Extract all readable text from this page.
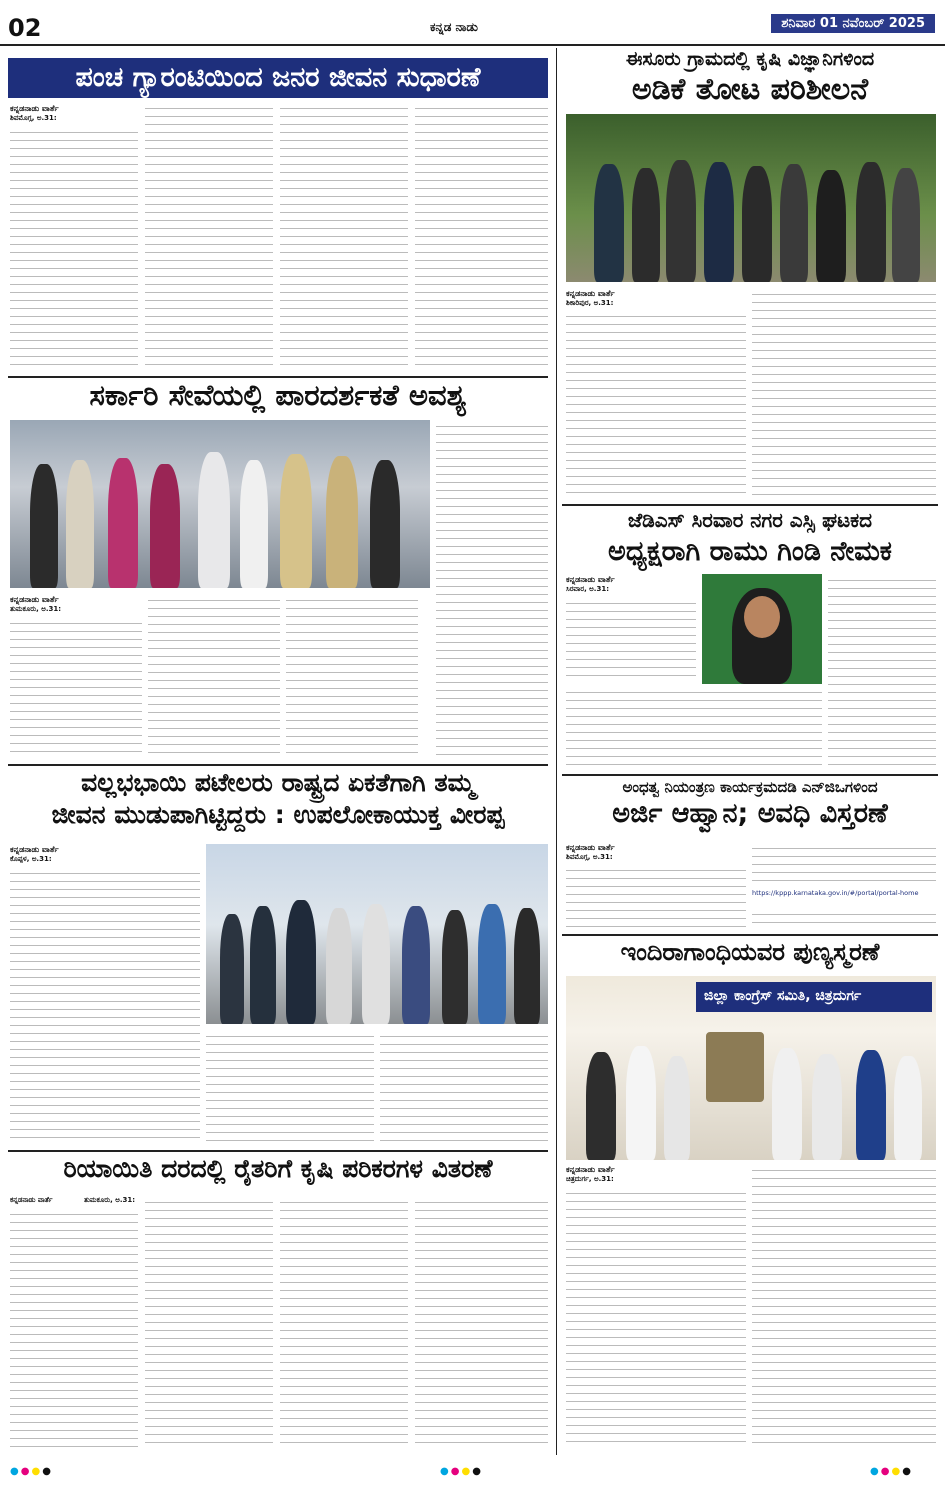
02	ಕನ್ನಡ ನಾಡು	ಶನಿವಾರ 01 ನವೆಂಬರ್ 2025
ಪಂಚ ಗ್ಯಾರಂಟಿಯಿಂದ ಜನರ ಜೀವನ ಸುಧಾರಣೆ
ಕನ್ನಡನಾಡು ವಾರ್ತೆ
ಶಿವಮೊಗ್ಗ, ಅ.31:
ಈಸೂರು ಗ್ರಾಮದಲ್ಲಿ ಕೃಷಿ ವಿಜ್ಞಾನಿಗಳಿಂದ
ಅಡಿಕೆ ತೋಟ ಪರಿಶೀಲನೆ
ಕನ್ನಡನಾಡು ವಾರ್ತೆ
ಶಿಕಾರಿಪುರ, ಅ.31:
ಸರ್ಕಾರಿ ಸೇವೆಯಲ್ಲಿ ಪಾರದರ್ಶಕತೆ ಅವಶ್ಯ
ಕನ್ನಡನಾಡು ವಾರ್ತೆ
ತುಮಕೂರು, ಅ.31:
ಜೆಡಿಎಸ್ ಸಿರವಾರ ನಗರ ಎಸ್ಸಿ ಘಟಕದ
ಅಧ್ಯಕ್ಷರಾಗಿ ರಾಮು ಗಿಂಡಿ ನೇಮಕ
ಕನ್ನಡನಾಡು ವಾರ್ತೆ
ಸಿರವಾರ, ಅ.31:
ವಲ್ಲಭಭಾಯಿ ಪಟೇಲರು ರಾಷ್ಟ್ರದ ಏಕತೆಗಾಗಿ ತಮ್ಮ
ಜೀವನ ಮುಡುಪಾಗಿಟ್ಟಿದ್ದರು : ಉಪಲೋಕಾಯುಕ್ತ ವೀರಪ್ಪ
ಕನ್ನಡನಾಡು ವಾರ್ತೆ
ಕೊಪ್ಪಳ, ಅ.31:
ಅಂಧತ್ವ ನಿಯಂತ್ರಣ ಕಾರ್ಯಕ್ರಮದಡಿ ಎನ್‌ಜಿಒಗಳಿಂದ
ಅರ್ಜಿ ಆಹ್ವಾನ; ಅವಧಿ ವಿಸ್ತರಣೆ
ಕನ್ನಡನಾಡು ವಾರ್ತೆ
ಶಿವಮೊಗ್ಗ, ಅ.31:
https://kppp.karnataka.gov.in/#/portal/portal-home
ಇಂದಿರಾಗಾಂಧಿಯವರ ಪುಣ್ಯಸ್ಮರಣೆ
ಜಿಲ್ಲಾ ಕಾಂಗ್ರೆಸ್ ಸಮಿತಿ, ಚಿತ್ರದುರ್ಗ
ಕನ್ನಡನಾಡು ವಾರ್ತೆ
ಚಿತ್ರದುರ್ಗ, ಅ.31:
ರಿಯಾಯಿತಿ ದರದಲ್ಲಿ ರೈತರಿಗೆ ಕೃಷಿ ಪರಿಕರಗಳ ವಿತರಣೆ
ಕನ್ನಡನಾಡು ವಾರ್ತೆ	ತುಮಕೂರು, ಅ.31:
●●●●	●●●●	●●●●
